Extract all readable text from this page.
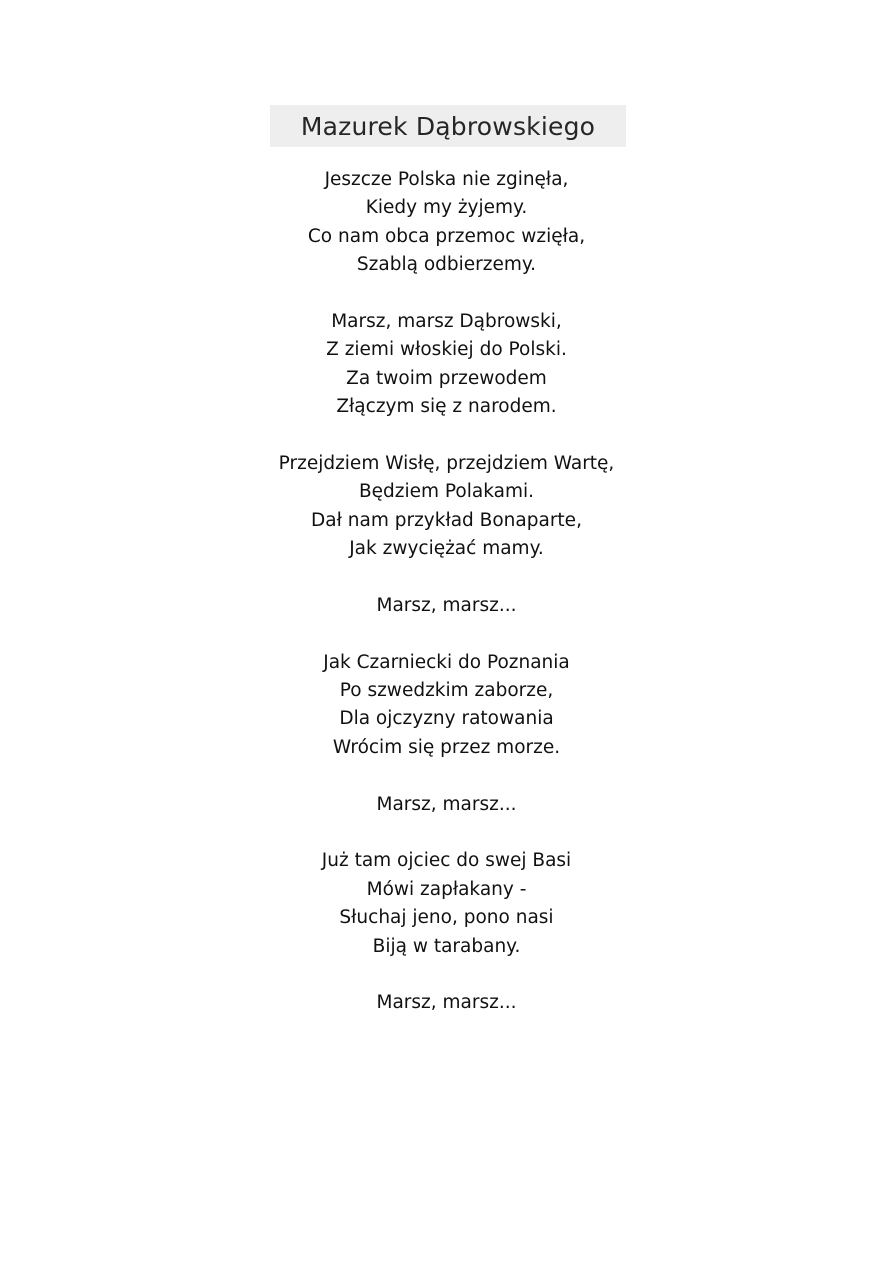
Mazurek Dąbrowskiego
Jeszcze Polska nie zginęła,
Kiedy my żyjemy.
Co nam obca przemoc wzięła,
Szablą odbierzemy.
Marsz, marsz Dąbrowski,
Z ziemi włoskiej do Polski.
Za twoim przewodem
Złączym się z narodem.
Przejdziem Wisłę, przejdziem Wartę,
Będziem Polakami.
Dał nam przykład Bonaparte,
Jak zwyciężać mamy.
Marsz, marsz...
Jak Czarniecki do Poznania
Po szwedzkim zaborze,
Dla ojczyzny ratowania
Wrócim się przez morze.
Marsz, marsz...
Już tam ojciec do swej Basi
Mówi zapłakany -
Słuchaj jeno, pono nasi
Biją w tarabany.
Marsz, marsz...
